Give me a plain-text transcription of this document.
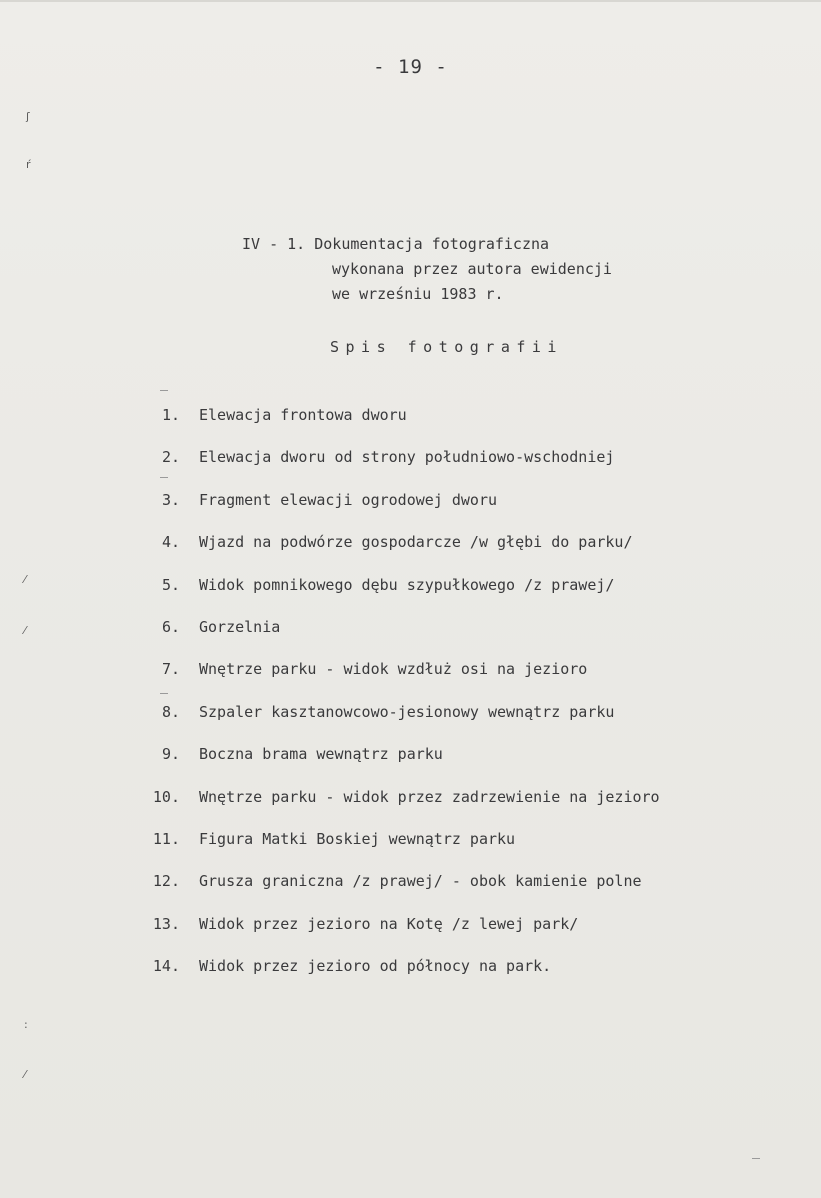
- 19 -
IV - 1. Dokumentacja fotograficzna
wykonana przez autora ewidencji
we wrześniu 1983 r.
Spis fotografii
1.	Elewacja frontowa dworu
2.	Elewacja dworu od strony południowo-wschodniej
3.	Fragment elewacji ogrodowej dworu
4.	Wjazd na podwórze gospodarcze /w głębi do parku/
5.	Widok pomnikowego dębu szypułkowego /z prawej/
6.	Gorzelnia
7.	Wnętrze parku - widok wzdłuż osi na jezioro
8.	Szpaler kasztanowcowo-jesionowy wewnątrz parku
9.	Boczna brama wewnątrz parku
10.	Wnętrze parku - widok przez zadrzewienie na jezioro
11.	Figura Matki Boskiej wewnątrz parku
12.	Grusza graniczna /z prawej/ - obok kamienie polne
13.	Widok przez jezioro na Kotę /z lewej park/
14.	Widok przez jezioro od północy na park.
ʃ
ŕ
⁄
⁄
:
⁄
